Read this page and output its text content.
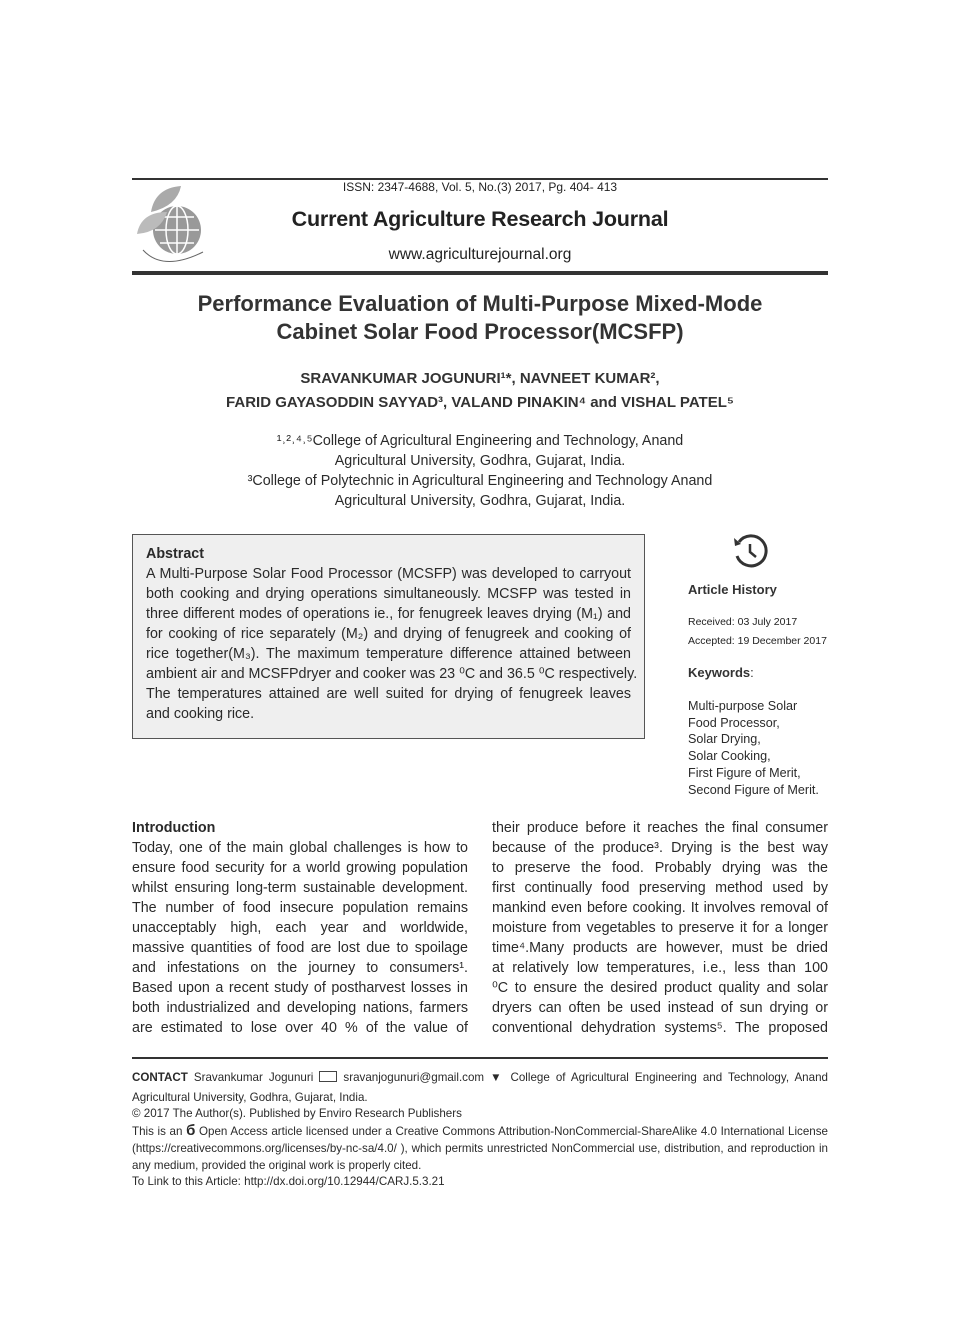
ISSN: 2347-4688, Vol. 5, No.(3) 2017, Pg. 404- 413
Current Agriculture Research Journal
www.agriculturejournal.org
Performance Evaluation of Multi-Purpose Mixed-Mode
Cabinet Solar Food Processor(MCSFP)
SRAVANKUMAR JOGUNURI¹*, NAVNEET KUMAR²,
FARID GAYASODDIN SAYYAD³, VALAND PINAKIN⁴ and VISHAL PATEL⁵
¹˒²˒⁴˒⁵College of Agricultural Engineering and Technology, Anand
Agricultural University, Godhra, Gujarat, India.
³College of Polytechnic in Agricultural Engineering and Technology Anand
Agricultural University, Godhra, Gujarat, India.
Abstract
A Multi-Purpose Solar Food Processor (MCSFP) was developed to carryout
both cooking and drying operations simultaneously. MCSFP was tested in
three different modes of operations ie., for fenugreek leaves drying (M₁) and
for cooking of rice separately (M₂) and drying of fenugreek and cooking of
rice together(M₃). The maximum temperature difference attained between
ambient air and MCSFPdryer and cooker was 23 ⁰C and 36.5 ⁰C respectively.
The temperatures attained are well suited for drying of fenugreek leaves
and cooking rice.
Article History
Received: 03 July 2017
Accepted: 19 December 2017
Keywords:
Multi-purpose Solar
Food Processor,
Solar Drying,
Solar Cooking,
First Figure of Merit,
Second Figure of Merit.
Introduction
Today, one of the main global challenges is how to
ensure food security for a world growing population
whilst ensuring long-term sustainable development.
The number of food insecure population remains
unacceptably high, each year and worldwide,
massive quantities of food are lost due to spoilage
and infestations on the journey to consumers¹.
Based upon a recent study of postharvest losses in
both industrialized and developing nations, farmers
are estimated to lose over 40 % of the value of
their produce before it reaches the final consumer
because of the produce³. Drying is the best way
to preserve the food. Probably drying was the
first continually food preserving method used by
mankind even before cooking. It involves removal of
moisture from vegetables to preserve it for a longer
time⁴.Many products are however, must be dried
at relatively low temperatures, i.e., less than 100
⁰C to ensure the desired product quality and solar
dryers can often be used instead of sun drying or
conventional dehydration systems⁵. The proposed
CONTACT Sravankumar Jogunuri	sravanjogunuri@gmail.com ▼ College of Agricultural Engineering and Technology, Anand
Agricultural University, Godhra, Gujarat, India.
© 2017 The Author(s). Published by Enviro Research Publishers
This is an б Open Access article licensed under a Creative Commons Attribution-NonCommercial-ShareAlike 4.0 International License
(https://creativecommons.org/licenses/by-nc-sa/4.0/ ), which permits unrestricted NonCommercial use, distribution, and reproduction in
any medium, provided the original work is properly cited.
To Link to this Article: http://dx.doi.org/10.12944/CARJ.5.3.21
